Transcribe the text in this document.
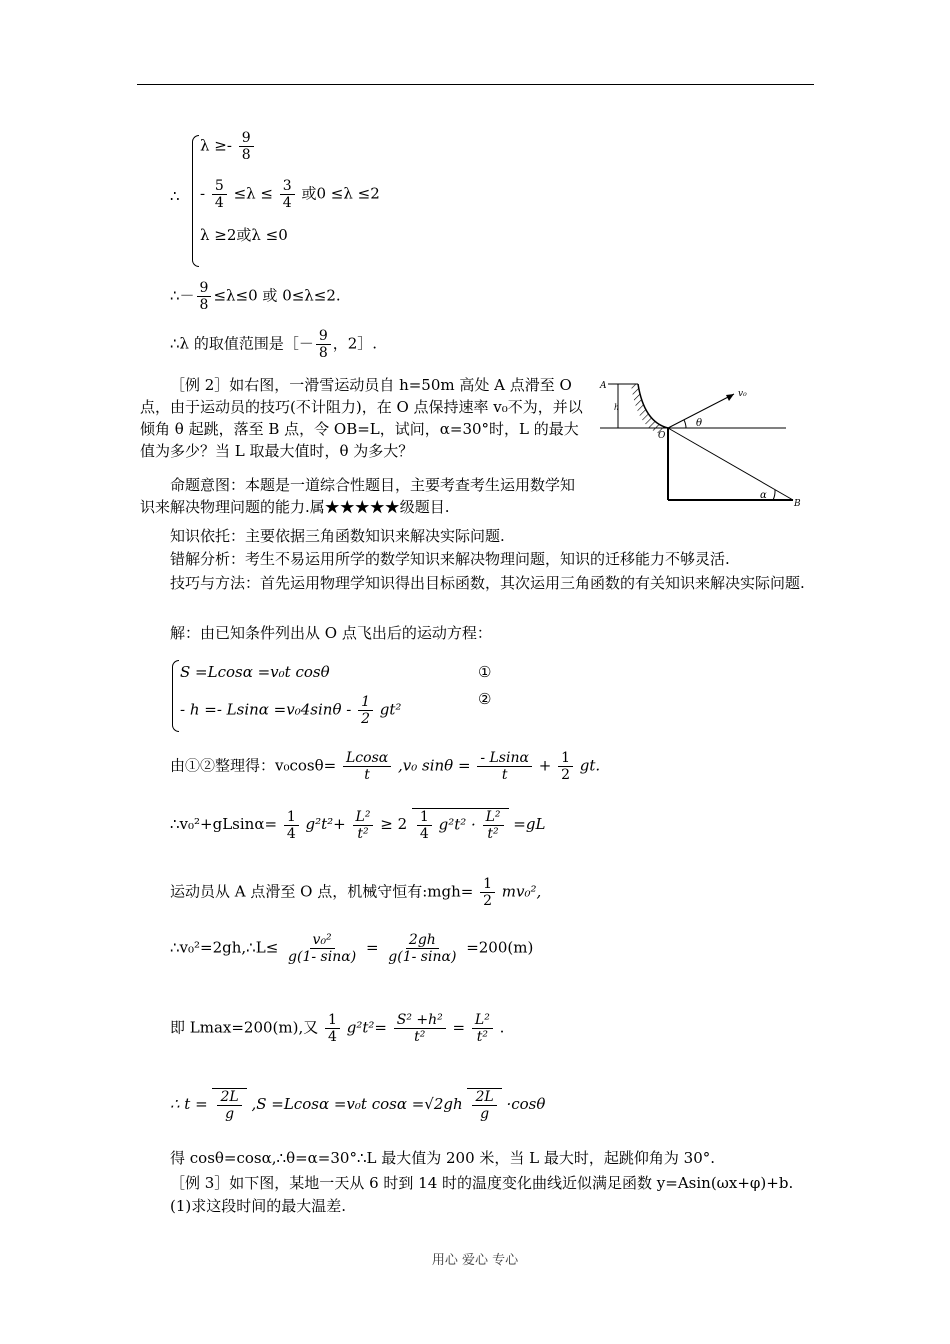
∴
$\lambda \ge- \frac{9}{8}$
- $\frac{5}{4} \le\lambda \le \frac{3}{4}$ 或0 ≤λ ≤2
λ ≥2或λ ≤0
∴－ $\frac{9}{8} \le\lambda\le 0$ 或 0≤λ≤2.
∴λ 的取值范围是［－ $\frac{9}{8}$ ，2］.
［例 2］如右图，一滑雪运动员自 h=50m 高处 A 点滑至 O 点，由于运动员的技巧(不计阻力)，在 O 点保持速率 v₀不为，并以倾角 θ 起跳，落至 B 点，令 OB=L，试问，α=30°时，L 的最大值为多少？当 L 取最大值时，θ 为多大？
命题意图：本题是一道综合性题目，主要考查考生运用数学知识来解决物理问题的能力.属★★★★★级题目.
知识依托：主要依据三角函数知识来解决实际问题.
错解分析：考生不易运用所学的数学知识来解决物理问题，知识的迁移能力不够灵活.
技巧与方法：首先运用物理学知识得出目标函数，其次运用三角函数的有关知识来解决实际问题.
解：由已知条件列出从 O 点飞出后的运动方程：
A
h
O
B
θ
α
v₀
S =Lcosα =v₀t cosθ	①
- $h =- Lsin\alpha =v_04\sin\theta - \frac{1}{2} gt^2$
②
由①②整理得：$v_0\cos\theta= \frac{Lcos\alpha}{t} ,v_0$ $\sin\theta = \frac{- Lsin\alpha}{t} + \frac{1}{2}$ gt.
∴v₀²+gLsinα= $\frac{1}{4} g^2t^2+ \frac{\text{L²}}{\text{t²}} \ge 2 \frac{1}{4} g^2t^2 \cdot \frac{\text{L²}}{\text{t²}} =gL$
运动员从 A 点滑至 O 点，机械守恒有:mgh= $\frac{1}{2} mv_0^2$,
∴v₀²=2gh,∴L≤ $\frac{\text{v₀²}}{g(1- \sin\alpha)} = \frac{2gh}{g(1- \sin\alpha)} =200(m)$
即 Lmax=200(m),又 $\frac{1}{4} g^2t^2= \frac{\text{S² +h²}}{\text{t²}} = \frac{\text{L²}}{\text{t²}}$ .
∴ $t = \frac{2L}{g} ,S =Lcos\alpha =v_0t$ $\cos\alpha =√2gh \frac{2L}{g} \cdot\cos\theta$
得 cosθ=cosα,∴θ=α=30°∴L 最大值为 200 米，当 L 最大时，起跳仰角为 30°.
［例 3］如下图，某地一天从 6 时到 14 时的温度变化曲线近似满足函数 y=Asin(ωx+φ)+b.
(1)求这段时间的最大温差.
用心 爱心 专心
